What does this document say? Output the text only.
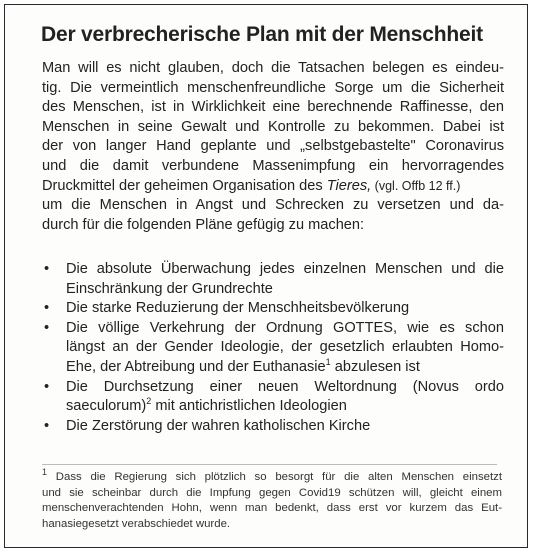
Der verbrecherische Plan mit der Menschheit
Man will es nicht glauben, doch die Tatsachen belegen es eindeu-
tig. Die vermeintlich menschenfreundliche Sorge um die Sicherheit
des Menschen, ist in Wirklichkeit eine berechnende Raffinesse, den
Menschen in seine Gewalt und Kontrolle zu bekommen. Dabei ist
der von langer Hand geplante und „selbstgebastelte" Coronavirus
und die damit verbundene Massenimpfung ein hervorragendes
Druckmittel der geheimen Organisation des Tieres, (vgl. Offb 12 ff.)
um die Menschen in Angst und Schrecken zu versetzen und da-
durch für die folgenden Pläne gefügig zu machen:
• Die absolute Überwachung jedes einzelnen Menschen und die
Einschränkung der Grundrechte
• Die starke Reduzierung der Menschheitsbevölkerung
• Die völlige Verkehrung der Ordnung GOTTES, wie es schon
längst an der Gender Ideologie, der gesetzlich erlaubten Homo-
Ehe, der Abtreibung und der Euthanasie$^1$ abzulesen ist
• Die Durchsetzung einer neuen Weltordnung (Novus ordo
saeculorum)$^2$ mit antichristlichen Ideologien
• Die Zerstörung der wahren katholischen Kirche
$^1$ Dass die Regierung sich plötzlich so besorgt für die alten Menschen einsetzt
und sie scheinbar durch die Impfung gegen Covid19 schützen will, gleicht einem
menschenverachtenden Hohn, wenn man bedenkt, dass erst vor kurzem das Eut-
hanasiegesetzt verabschiedet wurde.
